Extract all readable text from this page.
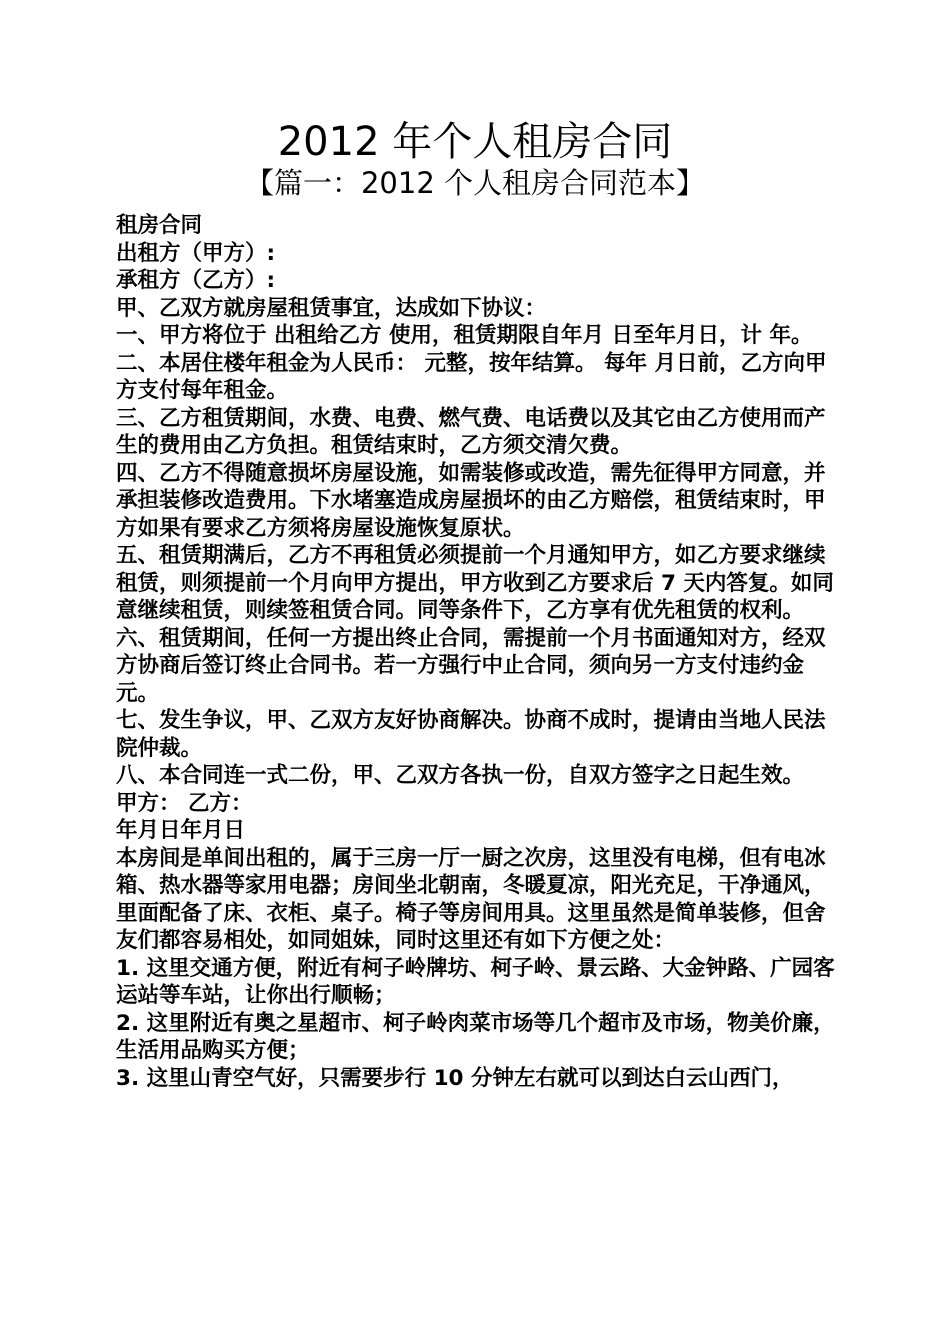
2012 年个人租房合同
【篇一：2012 个人租房合同范本】

租房合同

出租方（甲方）:

承租方（乙方）:

甲、乙双方就房屋租赁事宜，达成如下协议：

一、甲方将位于 出租给乙方 使用，租赁期限自年月 日至年月日，计 年。

二、本居住楼年租金为人民币： 元整，按年结算。 每年 月日前，乙方向甲方支付每年租金。

三、乙方租赁期间，水费、电费、燃气费、电话费以及其它由乙方使用而产生的费用由乙方负担。租赁结束时，乙方须交清欠费。

四、乙方不得随意损坏房屋设施，如需装修或改造，需先征得甲方同意，并承担装修改造费用。下水堵塞造成房屋损坏的由乙方赔偿，租赁结束时，甲方如果有要求乙方须将房屋设施恢复原状。

五、租赁期满后，乙方不再租赁必须提前一个月通知甲方，如乙方要求继续租赁，则须提前一个月向甲方提出，甲方收到乙方要求后 7 天内答复。如同意继续租赁，则续签租赁合同。同等条件下，乙方享有优先租赁的权利。

六、租赁期间，任何一方提出终止合同，需提前一个月书面通知对方，经双方协商后签订终止合同书。若一方强行中止合同，须向另一方支付违约金 元。

七、发生争议，甲、乙双方友好协商解决。协商不成时，提请由当地人民法院仲裁。

八、本合同连一式二份，甲、乙双方各执一份，自双方签字之日起生效。

甲方： 乙方：

年月日年月日

本房间是单间出租的，属于三房一厅一厨之次房，这里没有电梯，但有电冰箱、热水器等家用电器；房间坐北朝南，冬暖夏凉，阳光充足，干净通风，里面配备了床、衣柜、桌子。椅子等房间用具。这里虽然是简单装修，但舍友们都容易相处，如同姐妹，同时这里还有如下方便之处：

1. 这里交通方便，附近有柯子岭牌坊、柯子岭、景云路、大金钟路、广园客运站等车站，让你出行顺畅；

2. 这里附近有奥之星超市、柯子岭肉菜市场等几个超市及市场，物美价廉，生活用品购买方便；

3. 这里山青空气好，只需要步行 10 分钟左右就可以到达白云山西门，
